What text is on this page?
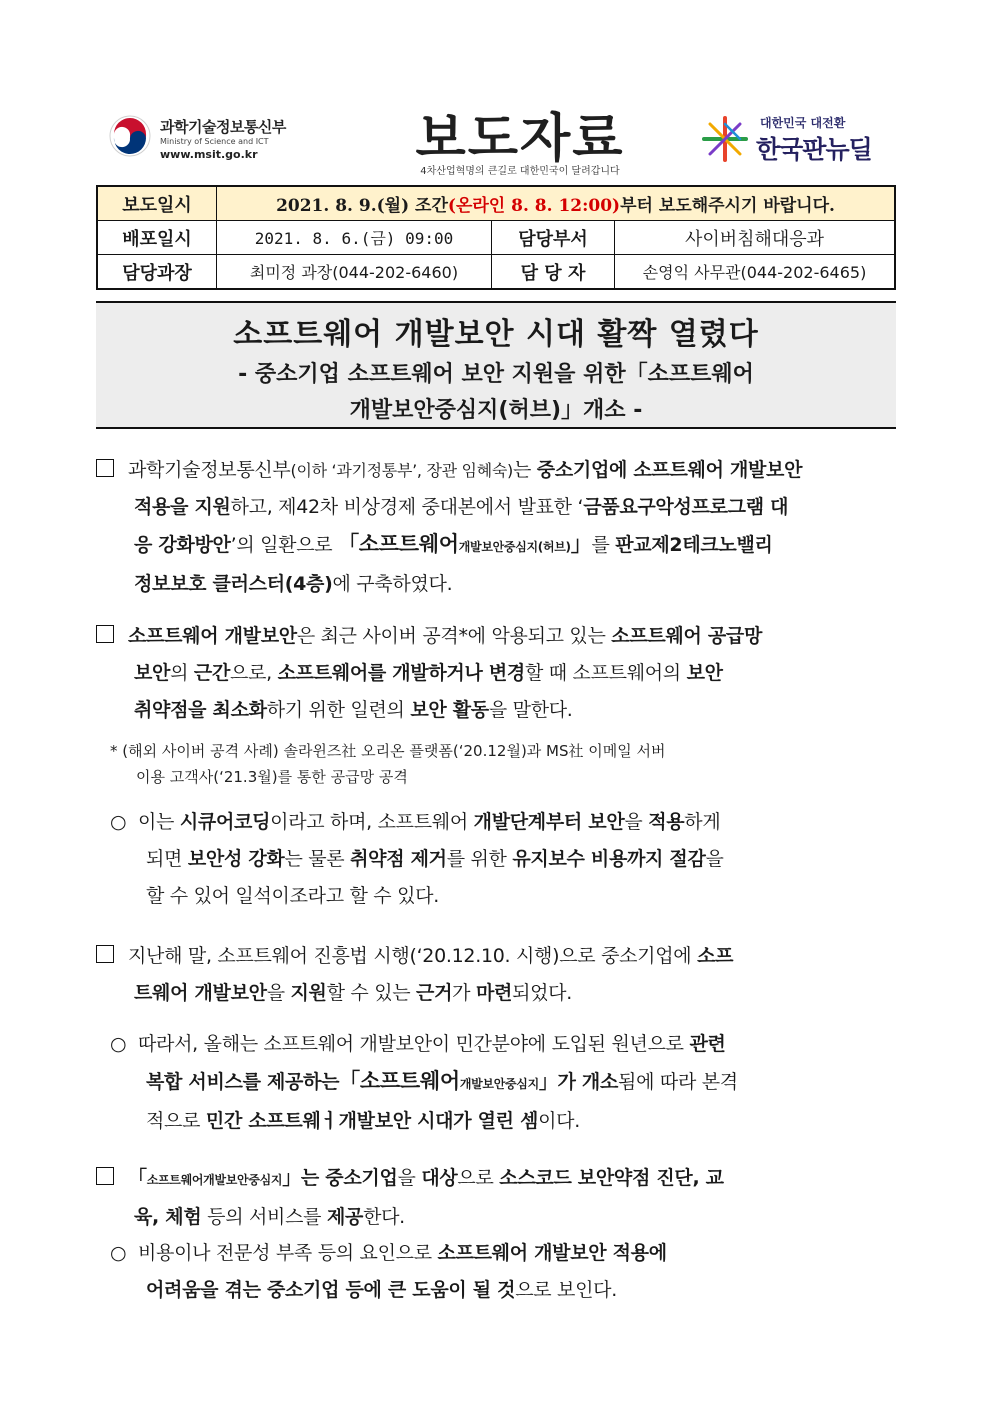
과학기술정보통신부
Ministry of Science and ICT
www.msit.go.kr	보도자료
4차산업혁명의 큰길로 대한민국이 달려갑니다
대한민국 대전환
한국판뉴딜
보도일시	2021. 8. 9.(월) 조간(온라인 8. 8. 12:00)부터 보도해주시기 바랍니다.		
배포일시	2021. 8. 6.(금) 09:00	담당부서	사이버침해대응과
담당과장	최미정 과장(044-202-6460)	담 당 자	손영익 사무관(044-202-6465)
소프트웨어 개발보안 시대 활짝 열렸다
- 중소기업 소프트웨어 보안 지원을 위한「소프트웨어
개발보안중심지(허브)」개소 -
과학기술정보통신부(이하 ‘과기정통부’, 장관 임혜숙)는 중소기업에 소프트웨어 개발보안
적용을 지원하고, 제42차 비상경제 중대본에서 발표한 ‘금품요구악성프로그램 대
응 강화방안’의 일환으로 「소프트웨어개발보안중심지(허브)」를 판교제2테크노밸리
정보보호 클러스터(4층)에 구축하였다.
소프트웨어 개발보안은 최근 사이버 공격*에 악용되고 있는 소프트웨어 공급망
보안의 근간으로, 소프트웨어를 개발하거나 변경할 때 소프트웨어의 보안
취약점을 최소화하기 위한 일련의 보안 활동을 말한다.
* (해외 사이버 공격 사례) 솔라윈즈社 오리온 플랫폼(‘20.12월)과 MS社 이메일 서버
이용 고객사(‘21.3월)를 통한 공급망 공격
○ 이는 시큐어코딩이라고 하며, 소프트웨어 개발단계부터 보안을 적용하게
되면 보안성 강화는 물론 취약점 제거를 위한 유지보수 비용까지 절감을
할 수 있어 일석이조라고 할 수 있다.
지난해 말, 소프트웨어 진흥법 시행(‘20.12.10. 시행)으로 중소기업에 소프
트웨어 개발보안을 지원할 수 있는 근거가 마련되었다.
○ 따라서, 올해는 소프트웨어 개발보안이 민간분야에 도입된 원년으로 관련
복합 서비스를 제공하는「소프트웨어개발보안중심지」가 개소됨에 따라 본격
적으로 민간 소프트웨ㅓ개발보안 시대가 열린 셈이다.
「소프트웨어개발보안중심지」는 중소기업을 대상으로 소스코드 보안약점 진단, 교
육, 체험 등의 서비스를 제공한다.
○ 비용이나 전문성 부족 등의 요인으로 소프트웨어 개발보안 적용에
어려움을 겪는 중소기업 등에 큰 도움이 될 것으로 보인다.
